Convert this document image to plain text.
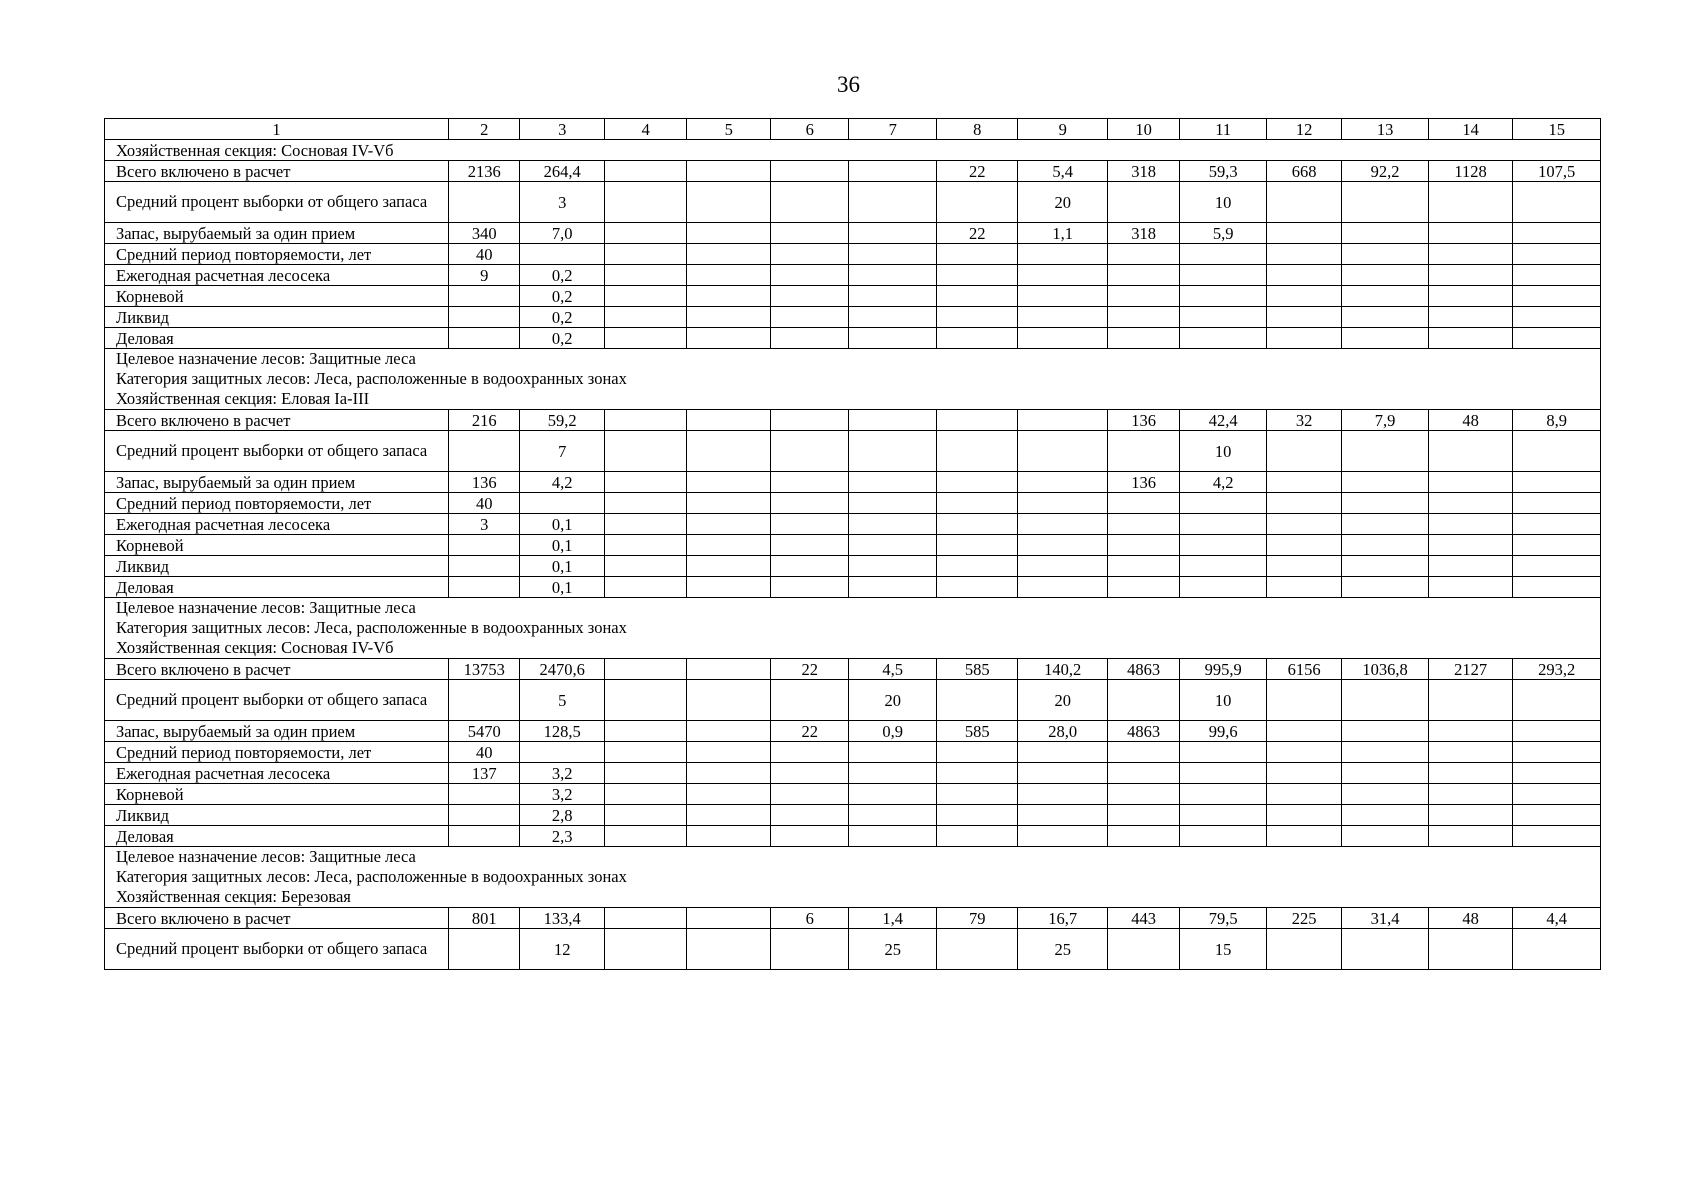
36
1	2	3	4	5	6	7	8	9	10	11	12	13	14	15

Хозяйственная секция: Сосновая IV-Vб														

Всего включено в расчет	2136	264,4					22	5,4	318	59,3	668	92,2	1128	107,5
Средний процент выборки от общего запаса		3						20		10				
Запас, вырубаемый за один прием	340	7,0					22	1,1	318	5,9				
Средний период повторяемости, лет	40													
Ежегодная расчетная лесосека	9	0,2												
Корневой		0,2												
Ликвид		0,2												
Деловая		0,2												

Целевое назначение лесов: Защитные леса
Категория защитных лесов: Леса, расположенные в водоохранных зонах
Хозяйственная секция: Еловая Iа-III														

Всего включено в расчет	216	59,2							136	42,4	32	7,9	48	8,9
Средний процент выборки от общего запаса		7								10				
Запас, вырубаемый за один прием	136	4,2							136	4,2				
Средний период повторяемости, лет	40													
Ежегодная расчетная лесосека	3	0,1												
Корневой		0,1												
Ликвид		0,1												
Деловая		0,1												

Целевое назначение лесов: Защитные леса
Категория защитных лесов: Леса, расположенные в водоохранных зонах
Хозяйственная секция: Сосновая IV-Vб														

Всего включено в расчет	13753	2470,6			22	4,5	585	140,2	4863	995,9	6156	1036,8	2127	293,2
Средний процент выборки от общего запаса		5				20		20		10				
Запас, вырубаемый за один прием	5470	128,5			22	0,9	585	28,0	4863	99,6				
Средний период повторяемости, лет	40													
Ежегодная расчетная лесосека	137	3,2												
Корневой		3,2												
Ликвид		2,8												
Деловая		2,3												

Целевое назначение лесов: Защитные леса
Категория защитных лесов: Леса, расположенные в водоохранных зонах
Хозяйственная секция: Березовая														

Всего включено в расчет	801	133,4			6	1,4	79	16,7	443	79,5	225	31,4	48	4,4
Средний процент выборки от общего запаса		12				25		25		15				
